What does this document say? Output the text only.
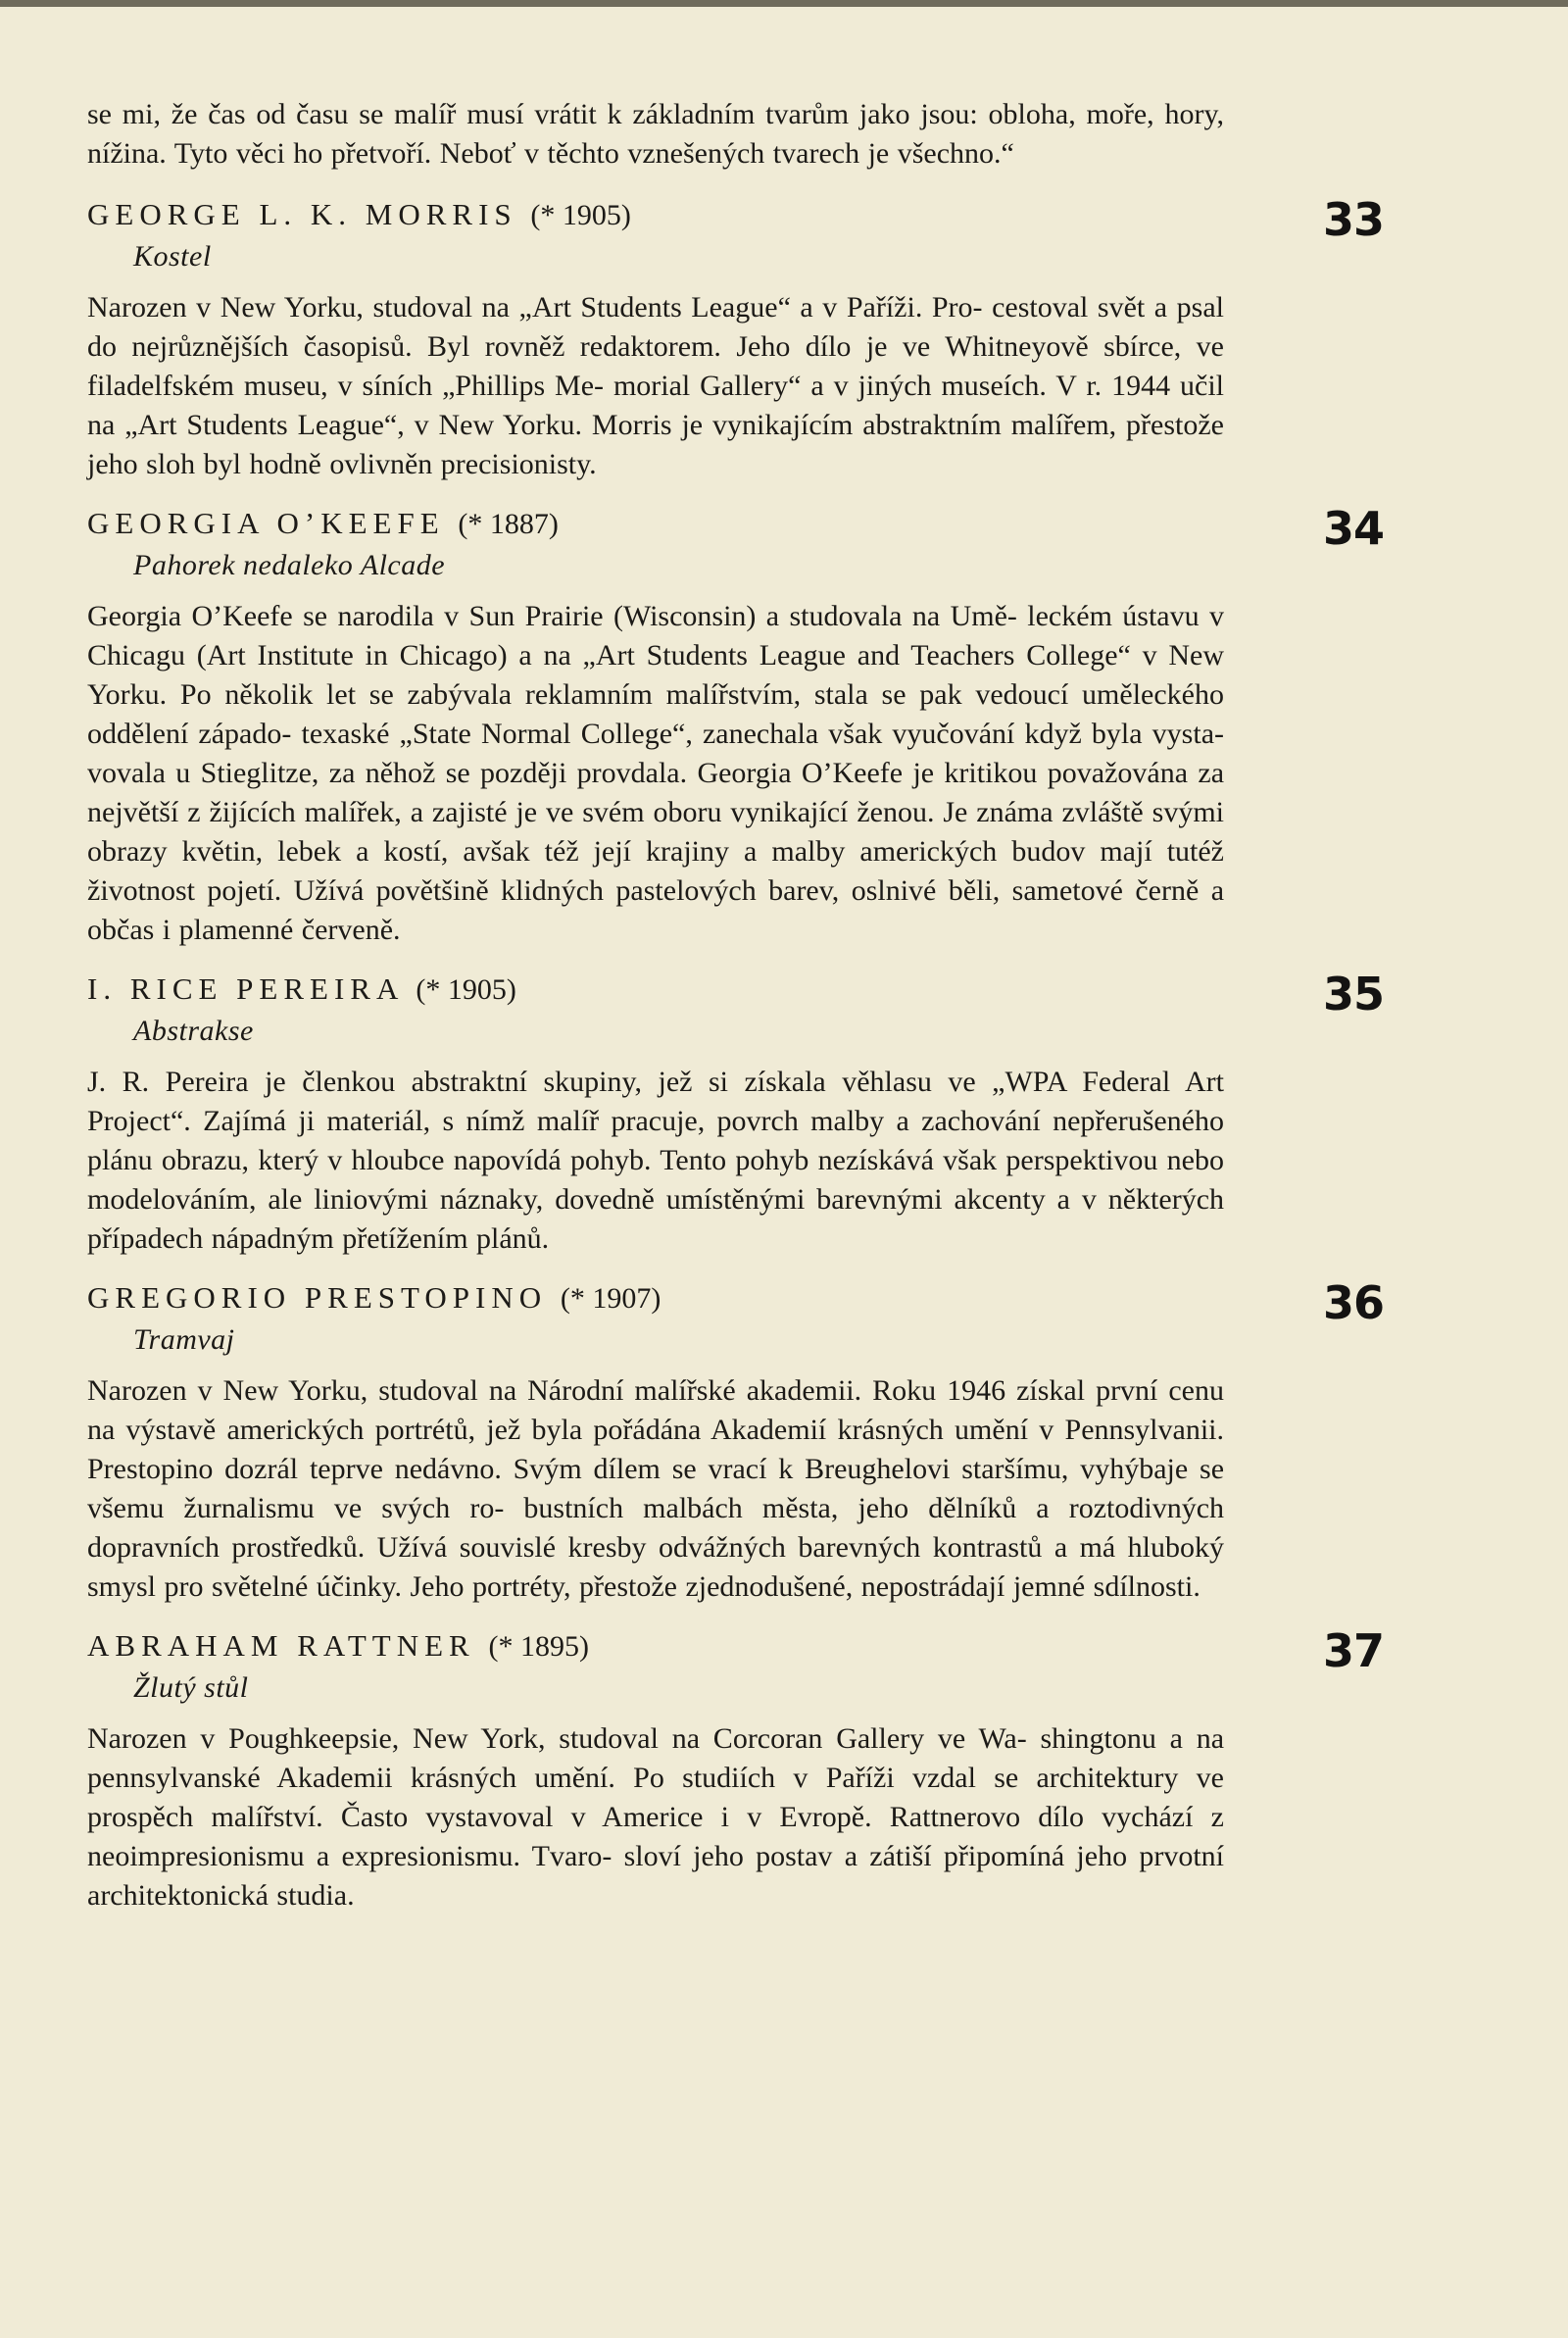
se mi, že čas od času se malíř musí vrátit k základním tvarům jako jsou: obloha, moře, hory, nížina. Tyto věci ho přetvoří. Neboť v těchto vznešených tvarech je všechno.“

33

GEORGE L. K. MORRIS (* 1905)

Kostel

Narozen v New Yorku, studoval na „Art Students League“ a v Paříži. Pro- cestoval svět a psal do nejrůznějších časopisů. Byl rovněž redaktorem. Jeho dílo je ve Whitneyově sbírce, ve filadelfském museu, v síních „Phillips Me- morial Gallery“ a v jiných museích. V r. 1944 učil na „Art Students League“, v New Yorku. Morris je vynikajícím abstraktním malířem, přestože jeho sloh byl hodně ovlivněn precisionisty.

34

GEORGIA O’KEEFE (* 1887)

Pahorek nedaleko Alcade

Georgia O’Keefe se narodila v Sun Prairie (Wisconsin) a studovala na Umě- leckém ústavu v Chicagu (Art Institute in Chicago) a na „Art Students League and Teachers College“ v New Yorku. Po několik let se zabývala reklamním malířstvím, stala se pak vedoucí uměleckého oddělení západo- texaské „State Normal College“, zanechala však vyučování když byla vysta- vovala u Stieglitze, za něhož se později provdala. Georgia O’Keefe je kritikou považována za největší z žijících malířek, a zajisté je ve svém oboru vynikající ženou. Je známa zvláště svými obrazy květin, lebek a kostí, avšak též její krajiny a malby amerických budov mají tutéž životnost pojetí. Užívá povětšině klidných pastelových barev, oslnivé běli, sametové černě a občas i plamenné červeně.

35

I. RICE PEREIRA (* 1905)

Abstrakse

J. R. Pereira je členkou abstraktní skupiny, jež si získala věhlasu ve „WPA Federal Art Project“. Zajímá ji materiál, s nímž malíř pracuje, povrch malby a zachování nepřerušeného plánu obrazu, který v hloubce napovídá pohyb. Tento pohyb nezískává však perspektivou nebo modelováním, ale liniovými náznaky, dovedně umístěnými barevnými akcenty a v některých případech nápadným přetížením plánů.

36

GREGORIO PRESTOPINO (* 1907)

Tramvaj

Narozen v New Yorku, studoval na Národní malířské akademii. Roku 1946 získal první cenu na výstavě amerických portrétů, jež byla pořádána Akademií krásných umění v Pennsylvanii. Prestopino dozrál teprve nedávno. Svým dílem se vrací k Breughelovi staršímu, vyhýbaje se všemu žurnalismu ve svých ro- bustních malbách města, jeho dělníků a roztodivných dopravních prostředků. Užívá souvislé kresby odvážných barevných kontrastů a má hluboký smysl pro světelné účinky. Jeho portréty, přestože zjednodušené, nepostrádají jemné sdílnosti.

37

ABRAHAM RATTNER (* 1895)

Žlutý stůl

Narozen v Poughkeepsie, New York, studoval na Corcoran Gallery ve Wa- shingtonu a na pennsylvanské Akademii krásných umění. Po studiích v Paříži vzdal se architektury ve prospěch malířství. Často vystavoval v Americe i v Evropě. Rattnerovo dílo vychází z neoimpresionismu a expresionismu. Tvaro- sloví jeho postav a zátiší připomíná jeho prvotní architektonická studia.
